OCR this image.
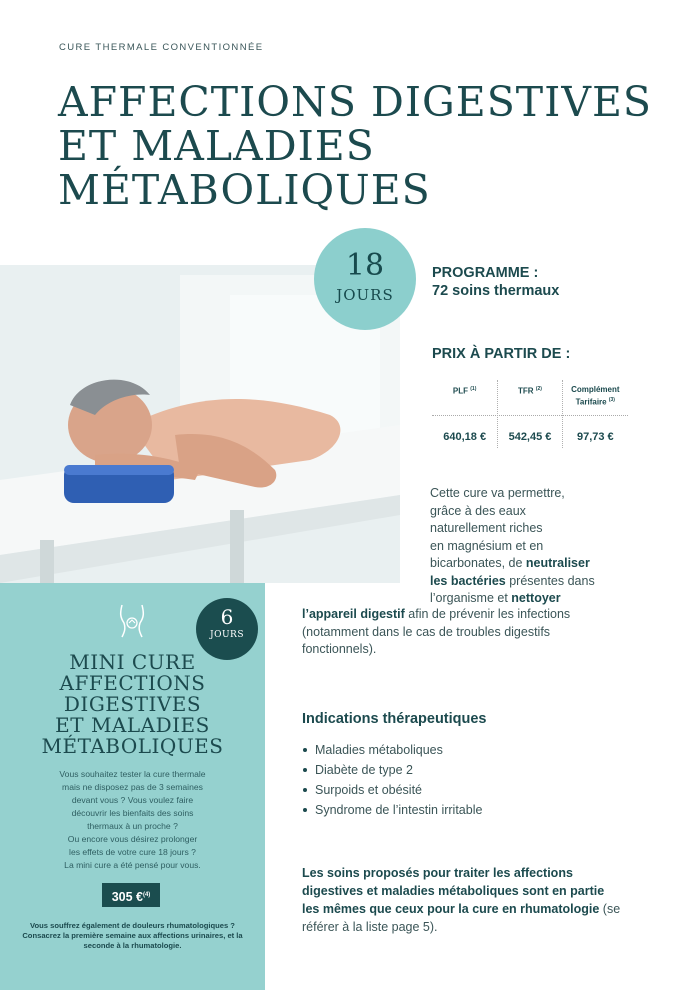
CURE THERMALE CONVENTIONNÉE
AFFECTIONS DIGESTIVES
ET MALADIES
MÉTABOLIQUES
18
JOURS
PROGRAMME :
72 soins thermaux
PRIX À PARTIR DE :
PLF $^{(1)}$	TFR $^{(2)}$	Complément
Tarifaire $^{(3)}$
640,18 €	542,45 €	97,73 €
Cette cure va permettre,
grâce à des eaux
naturellement riches
en magnésium et en
bicarbonates, de neutraliser
les bactéries présentes dans
l’organisme et nettoyer
l’appareil digestif afin de prévenir les infections
(notamment dans le cas de troubles digestifs
fonctionnels).
Indications thérapeutiques
Maladies métaboliques
Diabète de type 2
Surpoids et obésité
Syndrome de l’intestin irritable
Les soins proposés pour traiter les affections digestives et maladies métaboliques sont en partie les mêmes que ceux pour la cure en rhumatologie (se référer à la liste page 5).
6
JOURS
MINI CURE
AFFECTIONS
DIGESTIVES
ET MALADIES
MÉTABOLIQUES
Vous souhaitez tester la cure thermale
mais ne disposez pas de 3 semaines
devant vous ? Vous voulez faire
découvrir les bienfaits des soins
thermaux à un proche ?
Ou encore vous désirez prolonger
les effets de votre cure 18 jours ?
La mini cure a été pensé pour vous.
305 €$^{(4)}$
Vous souffrez également de douleurs rhumatologiques ? Consacrez la première semaine aux affections urinaires, et la seconde à la rhumatologie.
